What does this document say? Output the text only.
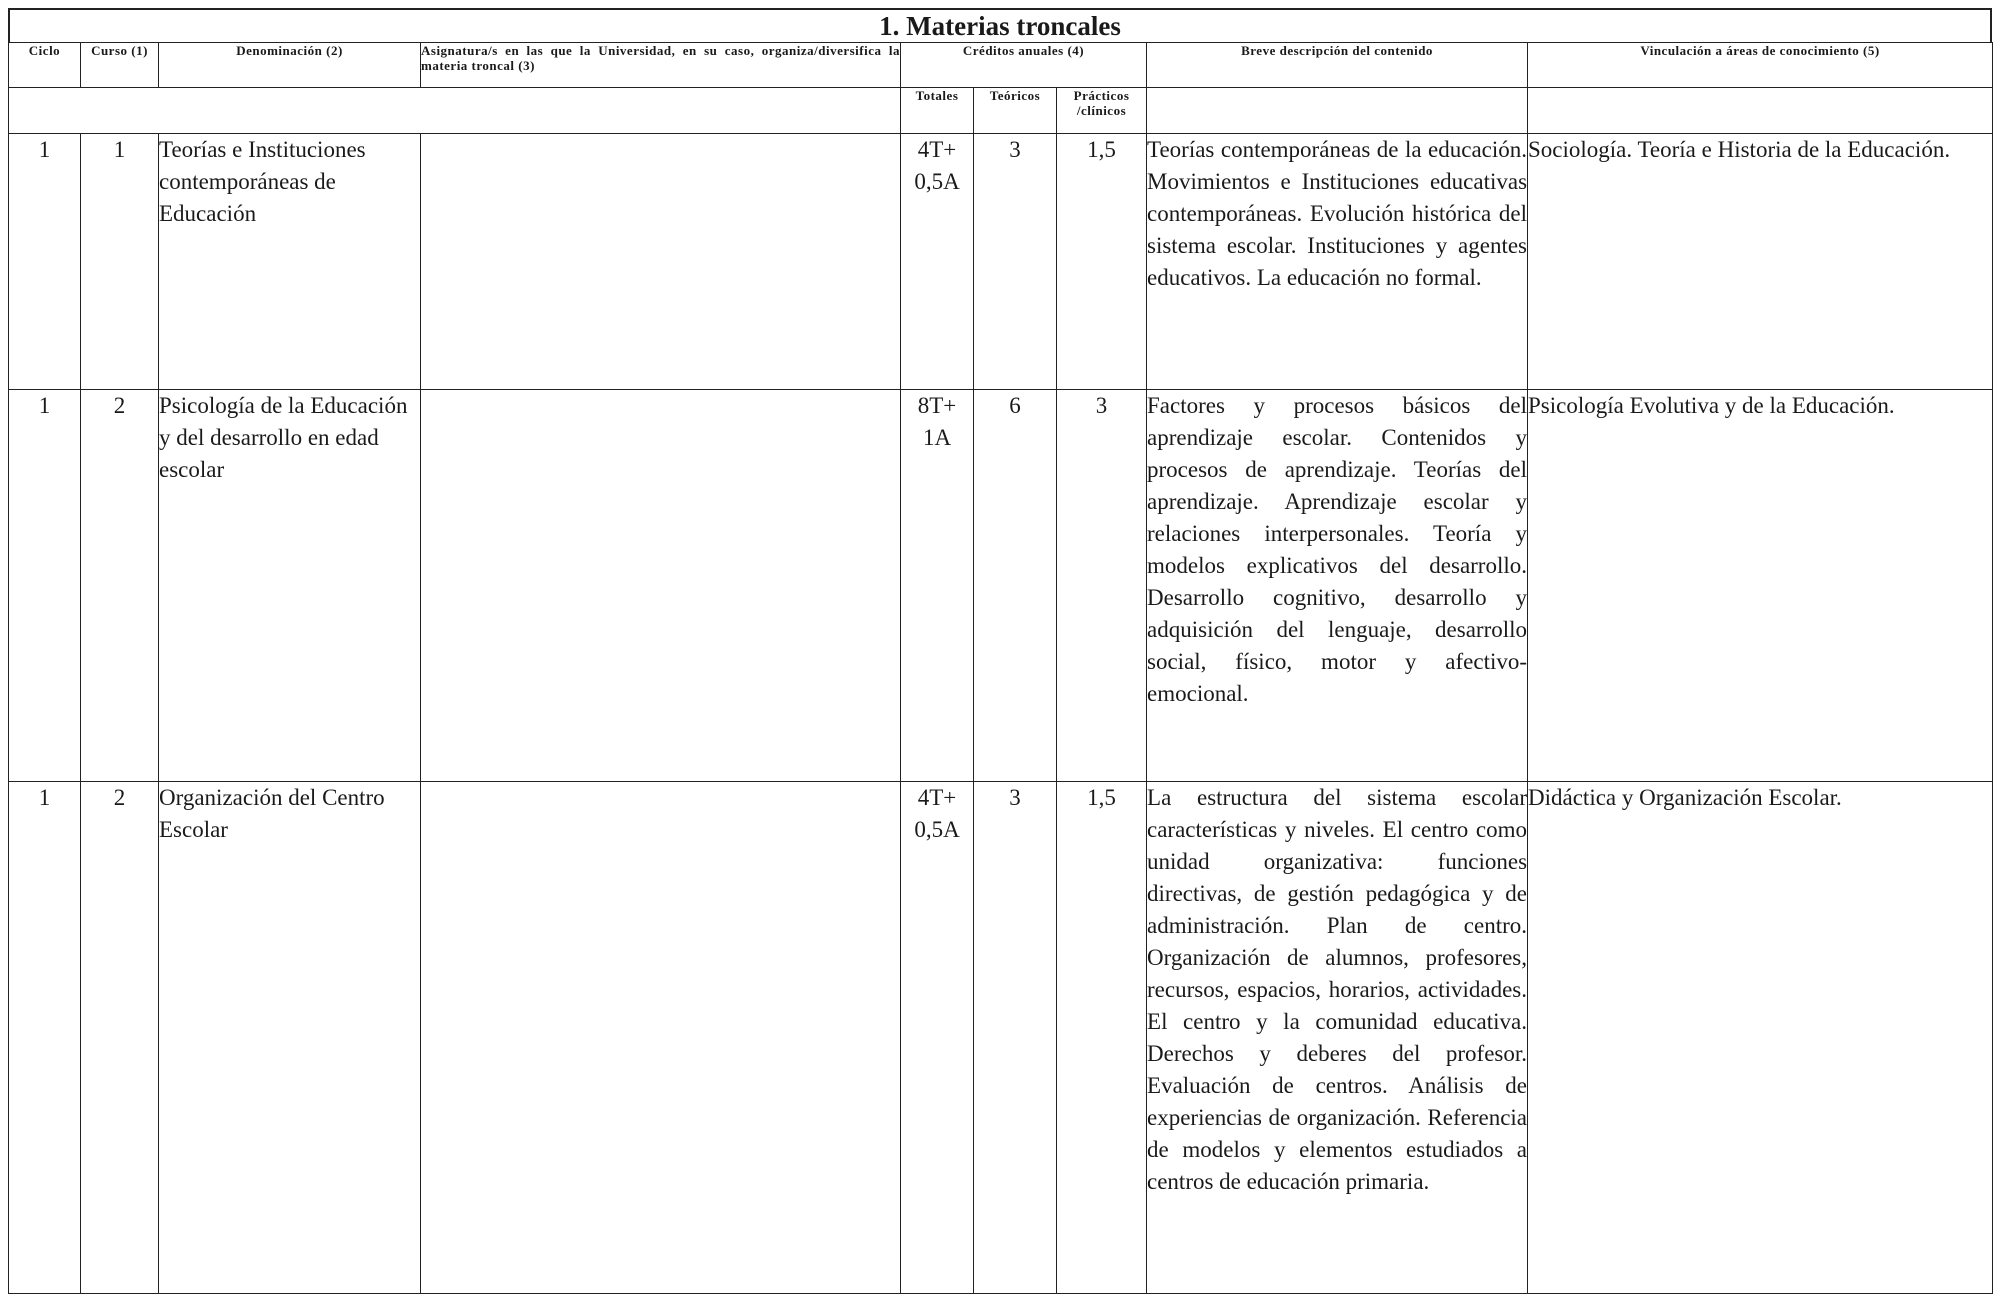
1. Materias troncales
Ciclo	Curso (1)	Denominación (2)	Asignatura/s en las que la Universidad, en su caso, organiza/diversifica la materia troncal (3)	Créditos anuales (4)			Breve descripción del contenido	Vinculación a áreas de conocimiento (5)
				Totales	Teóricos	Prácticos /clínicos		
1	1	Teorías e Instituciones contemporáneas de Educación		4T+ 0,5A	3	1,5	Teorías contemporáneas de la educación. Movimientos e Instituciones educativas contemporáneas. Evolución histórica del sistema escolar. Instituciones y agentes educativos. La educación no formal.	Sociología. Teoría e Historia de la Educación.
1	2	Psicología de la Educación y del desarrollo en edad escolar		8T+ 1A	6	3	Factores y procesos básicos del aprendizaje escolar. Contenidos y procesos de aprendizaje. Teorías del aprendizaje. Aprendizaje escolar y relaciones interpersonales. Teoría y modelos explicativos del desarrollo. Desarrollo cognitivo, desarrollo y adquisición del lenguaje, desarrollo social, físico, motor y afectivo-emocional.	Psicología Evolutiva y de la Educación.
1	2	Organización del Centro Escolar		4T+ 0,5A	3	1,5	La estructura del sistema escolar características y niveles. El centro como unidad organizativa: funciones directivas, de gestión pedagógica y de administración. Plan de centro. Organización de alumnos, profesores, recursos, espacios, horarios, actividades. El centro y la comunidad educativa. Derechos y deberes del profesor. Evaluación de centros. Análisis de experiencias de organización. Referencia de modelos y elementos estudiados a centros de educación primaria.	Didáctica y Organización Escolar.
